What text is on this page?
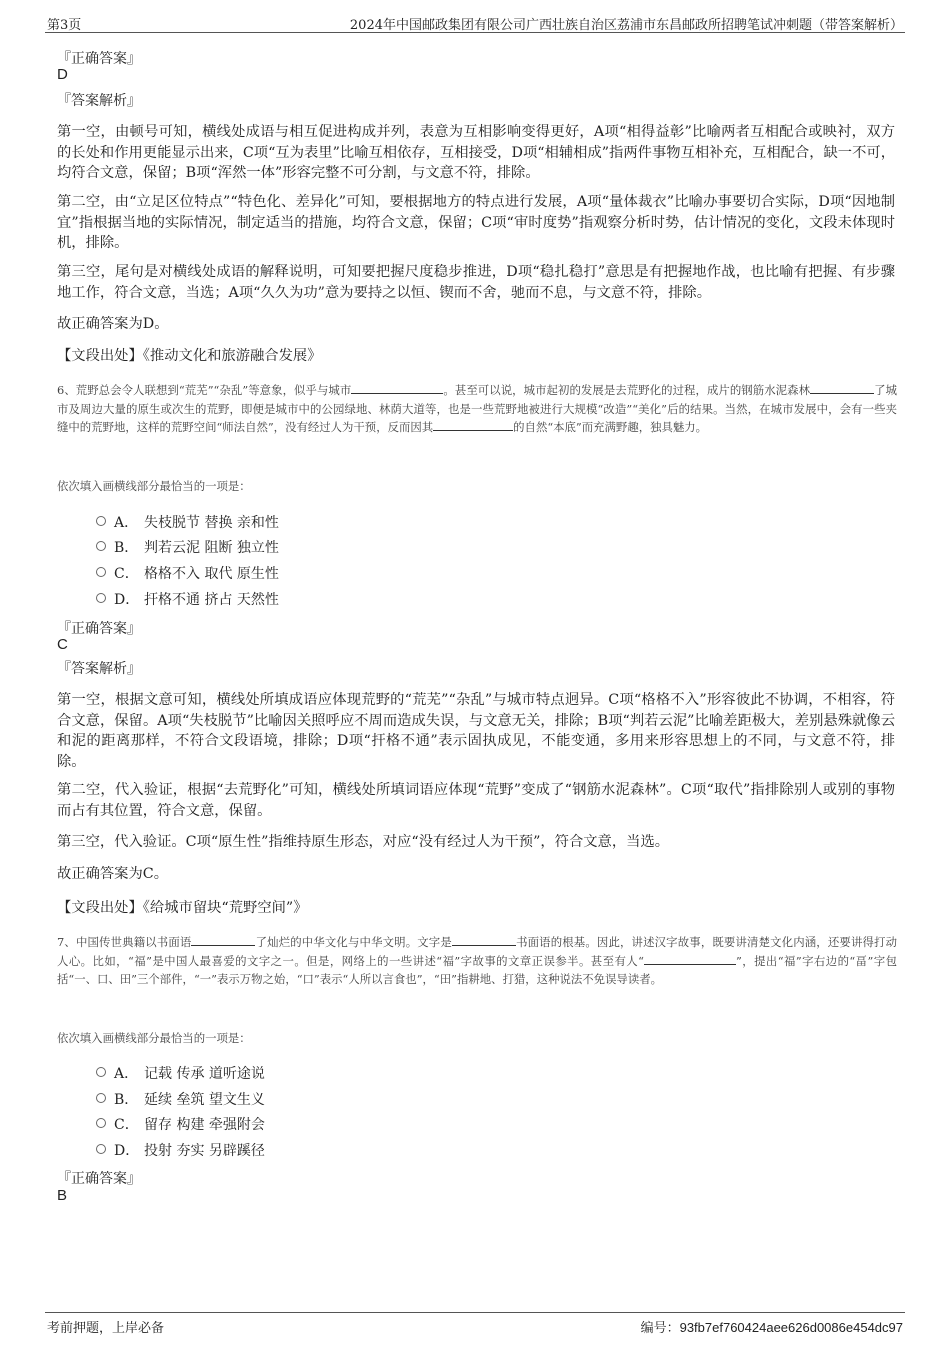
第3页	2024年中国邮政集团有限公司广西壮族自治区荔浦市东昌邮政所招聘笔试冲刺题（带答案解析）
『正确答案』
D
『答案解析』
第一空，由顿号可知，横线处成语与相互促进构成并列，表意为互相影响变得更好，A项“相得益彰”比喻两者互相配合或映衬，双方的长处和作用更能显示出来，C项“互为表里”比喻互相依存，互相接受，D项“相辅相成”指两件事物互相补充，互相配合，缺一不可，均符合文意，保留；B项“浑然一体”形容完整不可分割，与文意不符，排除。
第二空，由“立足区位特点”“特色化、差异化”可知，要根据地方的特点进行发展，A项“量体裁衣”比喻办事要切合实际，D项“因地制宜”指根据当地的实际情况，制定适当的措施，均符合文意，保留；C项“审时度势”指观察分析时势，估计情况的变化，文段未体现时机，排除。
第三空，尾句是对横线处成语的解释说明，可知要把握尺度稳步推进，D项“稳扎稳打”意思是有把握地作战，也比喻有把握、有步骤地工作，符合文意，当选；A项“久久为功”意为要持之以恒、锲而不舍，驰而不息，与文意不符，排除。
故正确答案为D。
【文段出处】《推动文化和旅游融合发展》
6、荒野总会令人联想到“荒芜”“杂乱”等意象，似乎与城市	。甚至可以说，城市起初的发展是去荒野化的过程，成片的钢筋水泥森林	了城市及周边大量的原生或次生的荒野，即便是城市中的公园绿地、林荫大道等，也是一些荒野地被进行大规模“改造”“美化”后的结果。当然，在城市发展中，会有一些夹缝中的荒野地，这样的荒野空间“师法自然”，没有经过人为干预，反而因其	的自然“本底”而充满野趣，独具魅力。
依次填入画横线部分最恰当的一项是：
A． 失枝脱节 替换 亲和性
B． 判若云泥 阻断 独立性
C． 格格不入 取代 原生性
D． 扞格不通 挤占 天然性
『正确答案』
C
『答案解析』
第一空，根据文意可知，横线处所填成语应体现荒野的“荒芜”“杂乱”与城市特点迥异。C项“格格不入”形容彼此不协调，不相容，符合文意，保留。A项“失枝脱节”比喻因关照呼应不周而造成失误，与文意无关，排除；B项“判若云泥”比喻差距极大，差别悬殊就像云和泥的距离那样，不符合文段语境，排除；D项“扞格不通”表示固执成见，不能变通，多用来形容思想上的不同，与文意不符，排除。
第二空，代入验证，根据“去荒野化”可知，横线处所填词语应体现“荒野”变成了“钢筋水泥森林”。C项“取代”指排除别人或别的事物而占有其位置，符合文意，保留。
第三空，代入验证。C项“原生性”指维持原生形态，对应“没有经过人为干预”，符合文意，当选。
故正确答案为C。
【文段出处】《给城市留块“荒野空间”》
7、中国传世典籍以书面语	了灿烂的中华文化与中华文明。文字是	书面语的根基。因此，讲述汉字故事，既要讲清楚文化内涵，还要讲得打动人心。比如，“福”是中国人最喜爱的文字之一。但是，网络上的一些讲述“福”字故事的文章正误参半。甚至有人“	”，提出“福”字右边的“畐”字包括“一、口、田”三个部件，“一”表示万物之始，“口”表示“人所以言食也”，“田”指耕地、打猎，这种说法不免误导读者。
依次填入画横线部分最恰当的一项是：
A． 记载 传承 道听途说
B． 延续 垒筑 望文生义
C． 留存 构建 牵强附会
D． 投射 夯实 另辟蹊径
『正确答案』
B
考前押题，上岸必备	编号：93fb7ef760424aee626d0086e454dc97
